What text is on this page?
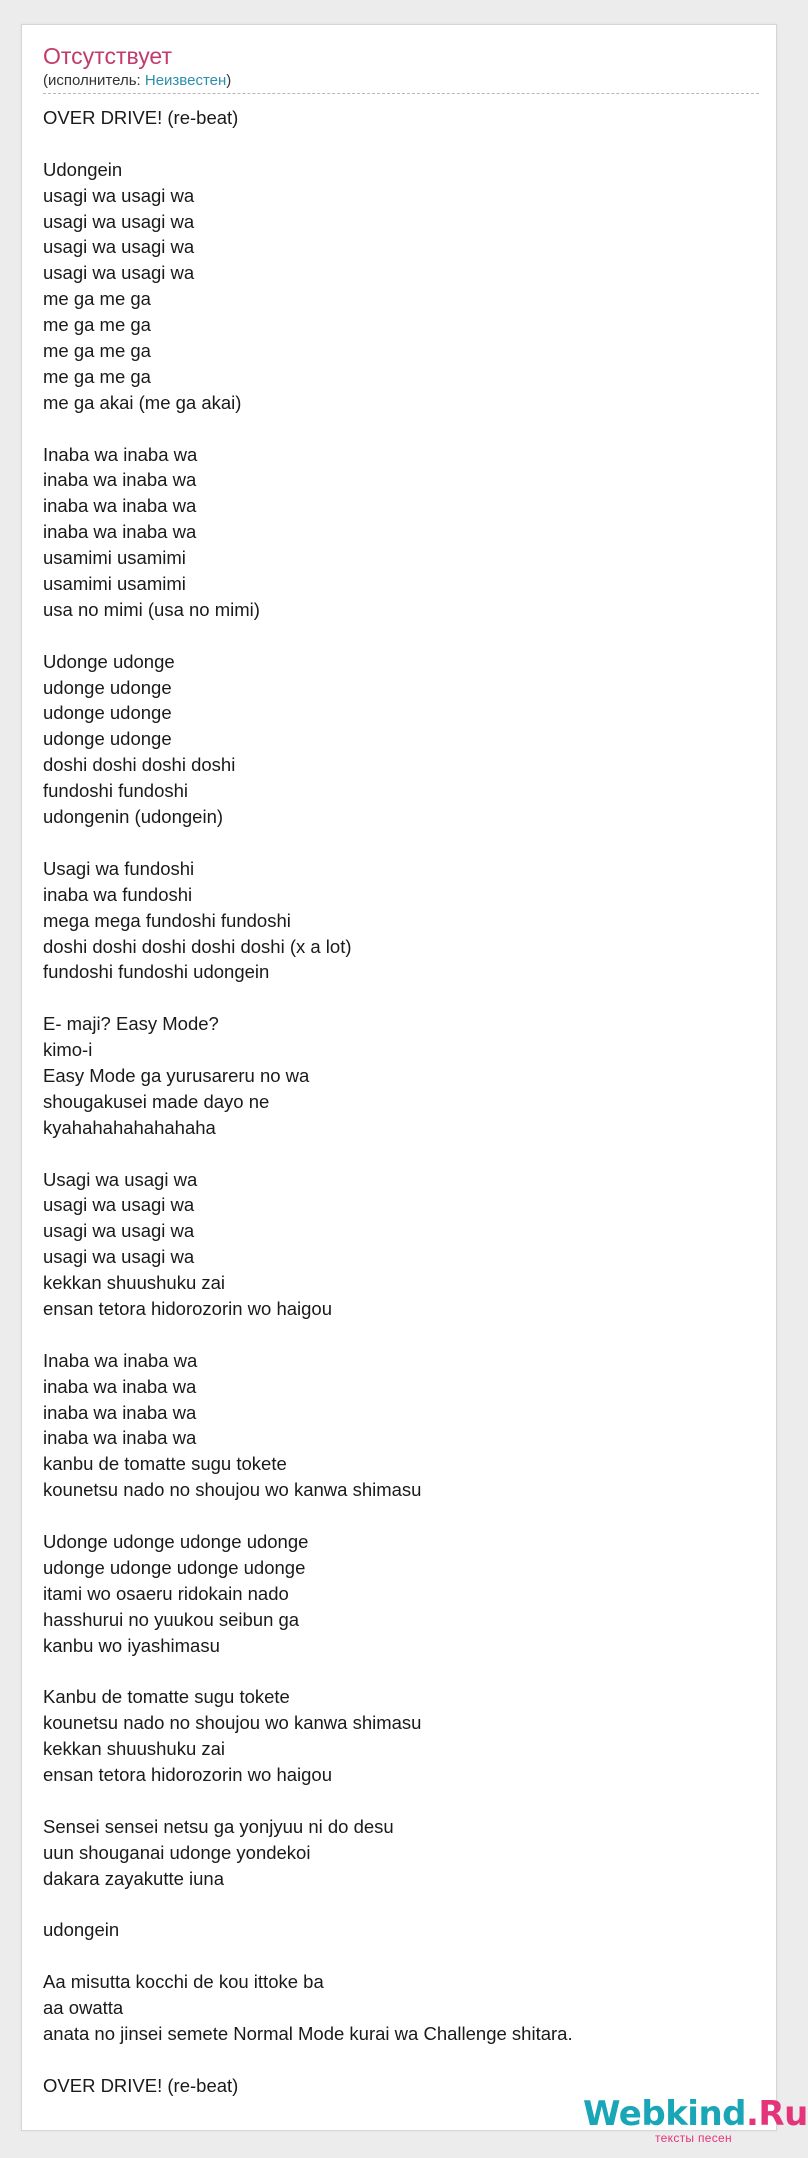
Отсутствует
(исполнитель: Неизвестен)
OVER DRIVE! (re-beat)
Udongein
usagi wa usagi wa
usagi wa usagi wa
usagi wa usagi wa
usagi wa usagi wa
me ga me ga
me ga me ga
me ga me ga
me ga me ga
me ga akai (me ga akai)
Inaba wa inaba wa
inaba wa inaba wa
inaba wa inaba wa
inaba wa inaba wa
usamimi usamimi
usamimi usamimi
usa no mimi (usa no mimi)
Udonge udonge
udonge udonge
udonge udonge
udonge udonge
doshi doshi doshi doshi
fundoshi fundoshi
udongenin (udongein)
Usagi wa fundoshi
inaba wa fundoshi
mega mega fundoshi fundoshi
doshi doshi doshi doshi doshi (x a lot)
fundoshi fundoshi udongein
E- maji? Easy Mode?
kimo-i
Easy Mode ga yurusareru no wa
shougakusei made dayo ne
kyahahahahahahaha
Usagi wa usagi wa
usagi wa usagi wa
usagi wa usagi wa
usagi wa usagi wa
kekkan shuushuku zai
ensan tetora hidorozorin wo haigou
Inaba wa inaba wa
inaba wa inaba wa
inaba wa inaba wa
inaba wa inaba wa
kanbu de tomatte sugu tokete
kounetsu nado no shoujou wo kanwa shimasu
Udonge udonge udonge udonge
udonge udonge udonge udonge
itami wo osaeru ridokain nado
hasshurui no yuukou seibun ga
kanbu wo iyashimasu
Kanbu de tomatte sugu tokete
kounetsu nado no shoujou wo kanwa shimasu
kekkan shuushuku zai
ensan tetora hidorozorin wo haigou
Sensei sensei netsu ga yonjyuu ni do desu
uun shouganai udonge yondekoi
dakara zayakutte iuna
udongein
Aa misutta kocchi de kou ittoke ba
aa owatta
anata no jinsei semete Normal Mode kurai wa Challenge shitara.
OVER DRIVE! (re-beat)
Webkind.Ru
тексты песен
